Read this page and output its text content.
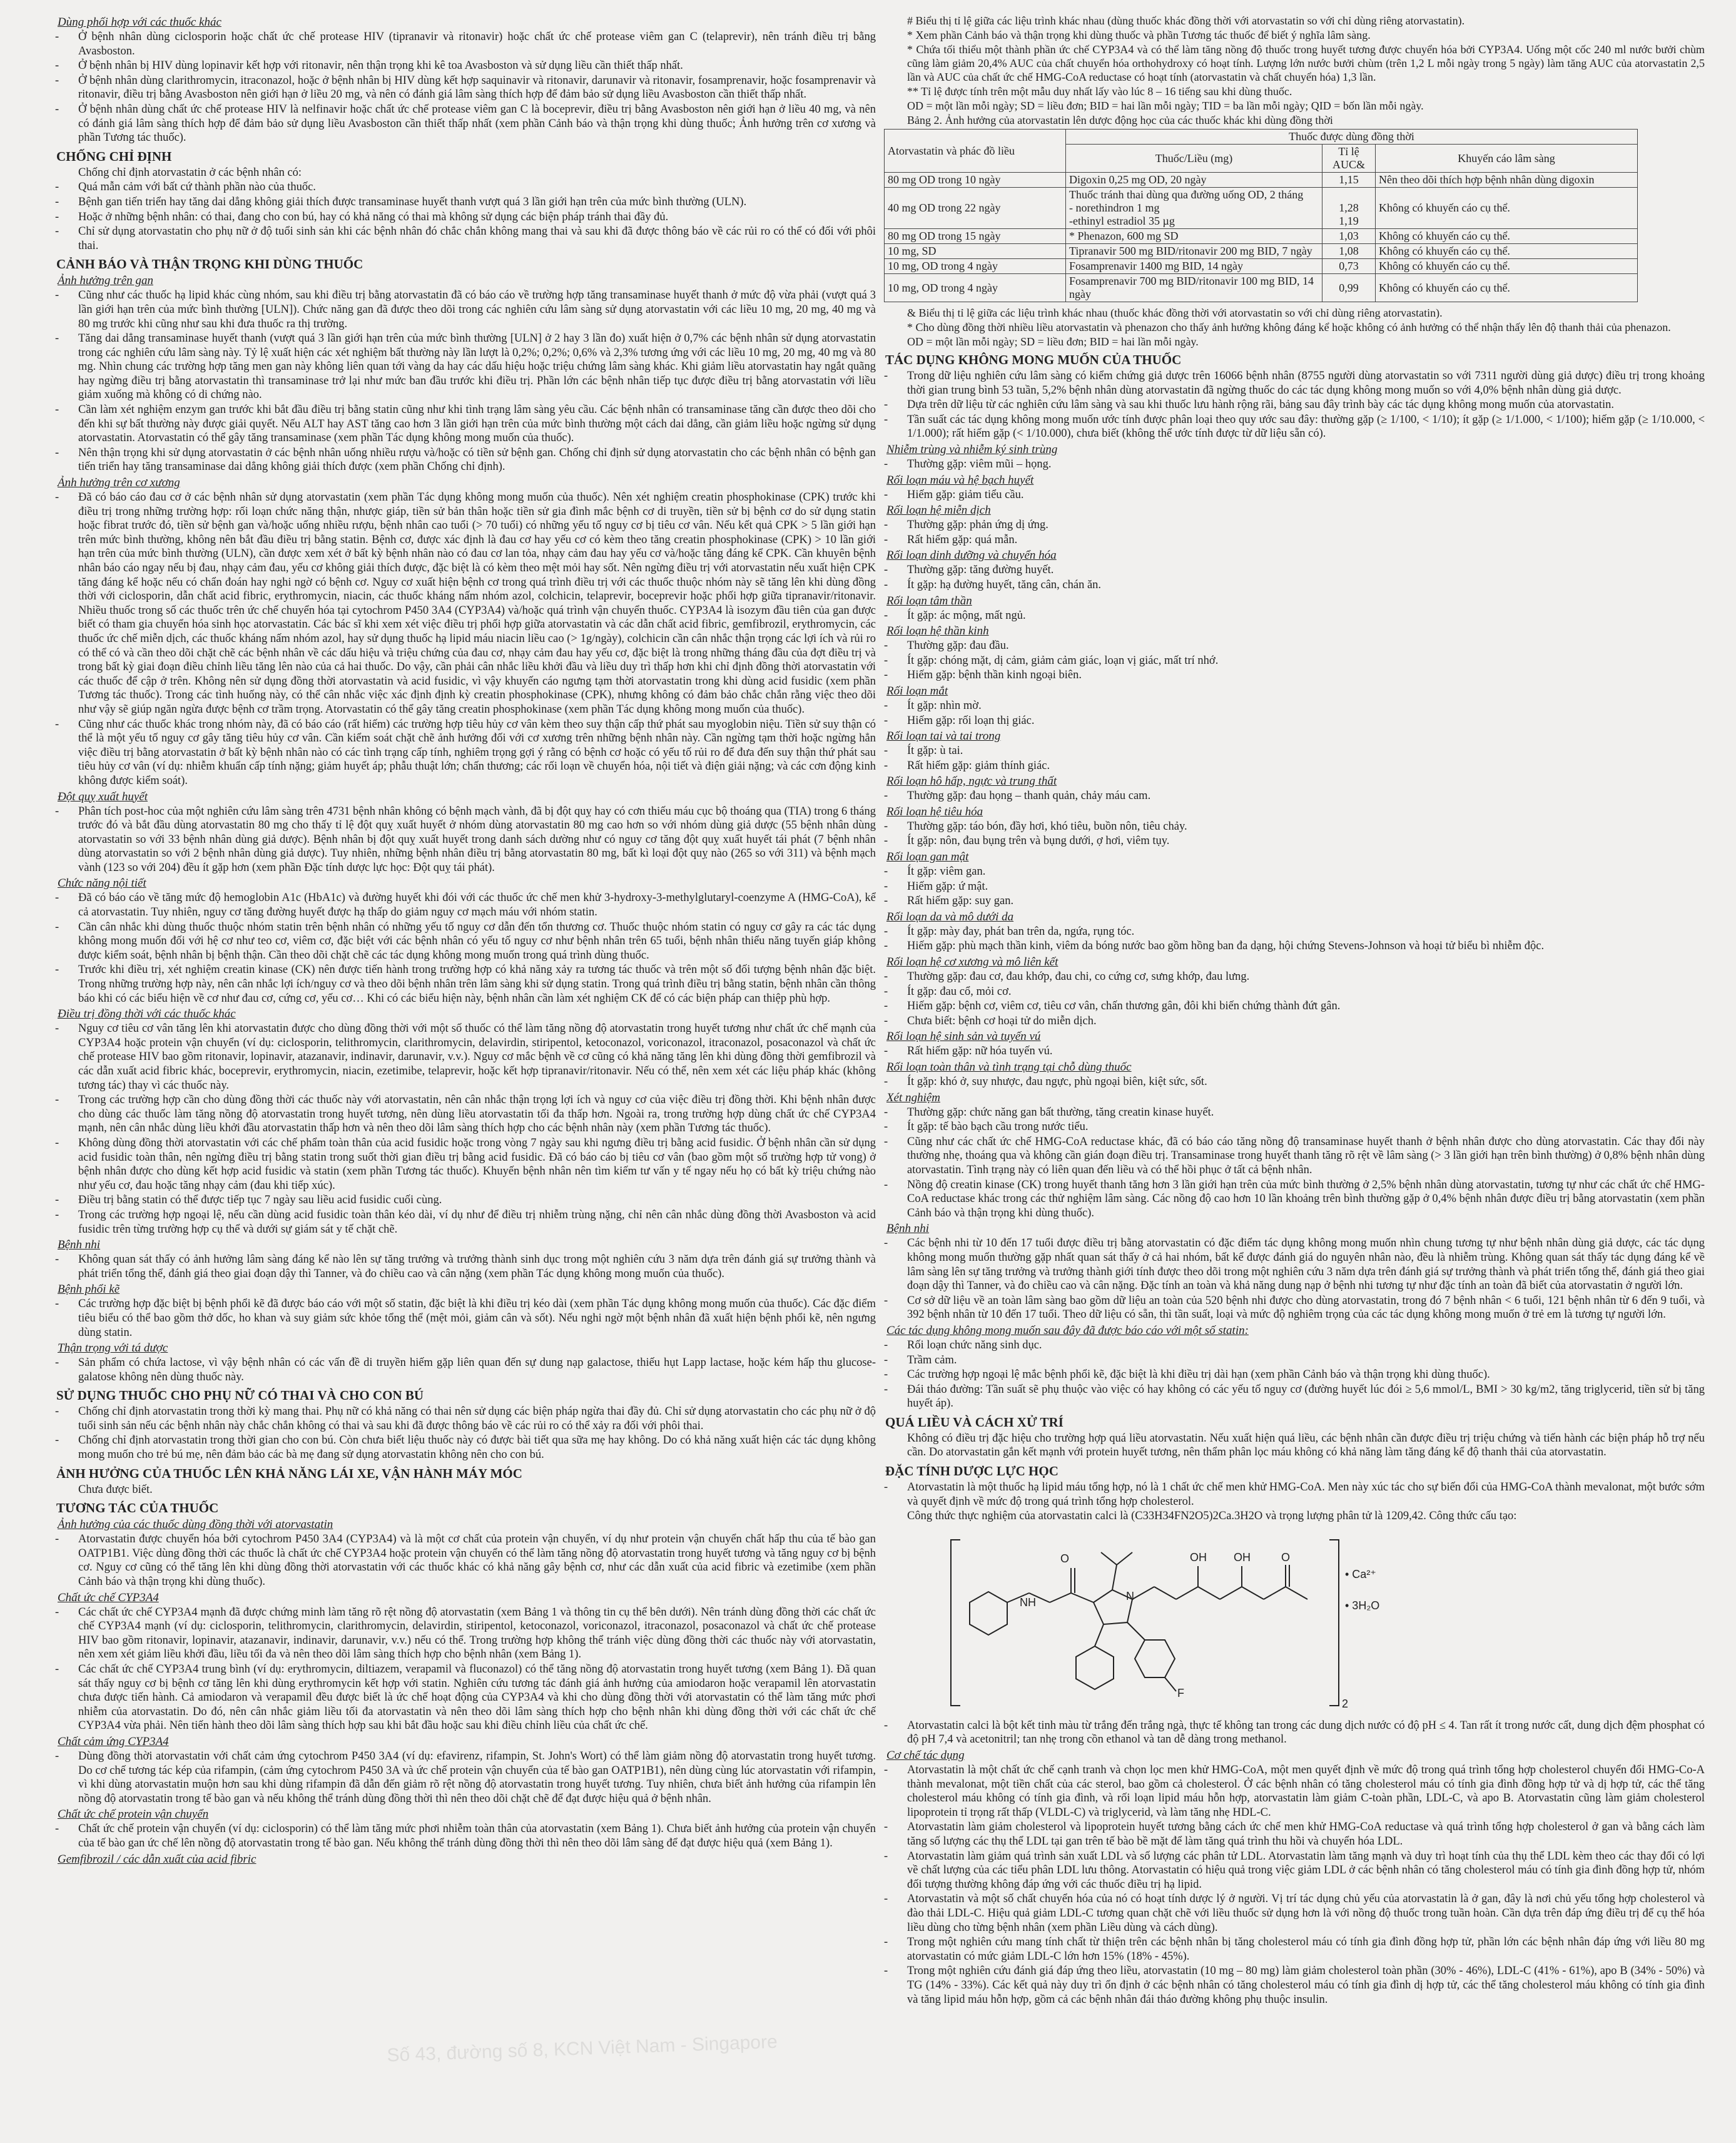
Dùng phối hợp với các thuốc khác

- Ở bệnh nhân dùng ciclosporin hoặc chất ức chế protease HIV (tipranavir và ritonavir) hoặc chất ức chế protease viêm gan C (telaprevir), nên tránh điều trị bằng Avasboston.

- Ở bệnh nhân bị HIV dùng lopinavir kết hợp với ritonavir, nên thận trọng khi kê toa Avasboston và sử dụng liều cần thiết thấp nhất.

- Ở bệnh nhân dùng clarithromycin, itraconazol, hoặc ở bệnh nhân bị HIV dùng kết hợp saquinavir và ritonavir, darunavir và ritonavir, fosamprenavir, hoặc fosamprenavir và ritonavir, điều trị bằng Avasboston nên giới hạn ở liều 20 mg, và nên có đánh giá lâm sàng thích hợp để đảm bảo sử dụng liều Avasboston cần thiết thấp nhất.

- Ở bệnh nhân dùng chất ức chế protease HIV là nelfinavir hoặc chất ức chế protease viêm gan C là boceprevir, điều trị bằng Avasboston nên giới hạn ở liều 40 mg, và nên có đánh giá lâm sàng thích hợp để đảm bảo sử dụng liều Avasboston cần thiết thấp nhất (xem phần Cảnh báo và thận trọng khi dùng thuốc; Ảnh hưởng trên cơ xương và phần Tương tác thuốc).

CHỐNG CHỈ ĐỊNH

Chống chỉ định atorvastatin ở các bệnh nhân có:

- Quá mẫn cảm với bất cứ thành phần nào của thuốc.

- Bệnh gan tiến triển hay tăng dai dẳng không giải thích được transaminase huyết thanh vượt quá 3 lần giới hạn trên của mức bình thường (ULN).

- Hoặc ở những bệnh nhân: có thai, đang cho con bú, hay có khả năng có thai mà không sử dụng các biện pháp tránh thai đầy đủ.

- Chỉ sử dụng atorvastatin cho phụ nữ ở độ tuổi sinh sản khi các bệnh nhân đó chắc chắn không mang thai và sau khi đã được thông báo về các rủi ro có thể có đối với phôi thai.

CẢNH BÁO VÀ THẬN TRỌNG KHI DÙNG THUỐC

Ảnh hưởng trên gan

- Cũng như các thuốc hạ lipid khác cùng nhóm, sau khi điều trị bằng atorvastatin đã có báo cáo về trường hợp tăng transaminase huyết thanh ở mức độ vừa phải (vượt quá 3 lần giới hạn trên của mức bình thường [ULN]). Chức năng gan đã được theo dõi trong các nghiên cứu lâm sàng sử dụng atorvastatin với các liều 10 mg, 20 mg, 40 mg và 80 mg trước khi cũng như sau khi đưa thuốc ra thị trường.

- Tăng dai dẳng transaminase huyết thanh (vượt quá 3 lần giới hạn trên của mức bình thường [ULN] ở 2 hay 3 lần đo) xuất hiện ở 0,7% các bệnh nhân sử dụng atorvastatin trong các nghiên cứu lâm sàng này. Tỷ lệ xuất hiện các xét nghiệm bất thường này lần lượt là 0,2%; 0,2%; 0,6% và 2,3% tương ứng với các liều 10 mg, 20 mg, 40 mg và 80 mg. Nhìn chung các trường hợp tăng men gan này không liên quan tới vàng da hay các dấu hiệu hoặc triệu chứng lâm sàng khác. Khi giảm liều atorvastatin hay ngắt quãng hay ngừng điều trị bằng atorvastatin thì transaminase trở lại như mức ban đầu trước khi điều trị. Phần lớn các bệnh nhân tiếp tục được điều trị bằng atorvastatin với liều giảm xuống mà không có di chứng nào.

- Cần làm xét nghiệm enzym gan trước khi bắt đầu điều trị bằng statin cũng như khi tình trạng lâm sàng yêu cầu. Các bệnh nhân có transaminase tăng cần được theo dõi cho đến khi sự bất thường này được giải quyết. Nếu ALT hay AST tăng cao hơn 3 lần giới hạn trên của mức bình thường một cách dai dẳng, cần giảm liều hoặc ngừng sử dụng atorvastatin. Atorvastatin có thể gây tăng transaminase (xem phần Tác dụng không mong muốn của thuốc).

- Nên thận trọng khi sử dụng atorvastatin ở các bệnh nhân uống nhiều rượu và/hoặc có tiền sử bệnh gan. Chống chỉ định sử dụng atorvastatin cho các bệnh nhân có bệnh gan tiến triển hay tăng transaminase dai dẳng không giải thích được (xem phần Chống chỉ định).

Ảnh hưởng trên cơ xương

- Đã có báo cáo đau cơ ở các bệnh nhân sử dụng atorvastatin (xem phần Tác dụng không mong muốn của thuốc). Nên xét nghiệm creatin phosphokinase (CPK) trước khi điều trị trong những trường hợp: rối loạn chức năng thận, nhược giáp, tiền sử bản thân hoặc tiền sử gia đình mắc bệnh cơ di truyền, tiền sử bị bệnh cơ do sử dụng statin hoặc fibrat trước đó, tiền sử bệnh gan và/hoặc uống nhiều rượu, bệnh nhân cao tuổi (> 70 tuổi) có những yếu tố nguy cơ bị tiêu cơ vân. Nếu kết quả CPK > 5 lần giới hạn trên mức bình thường, không nên bắt đầu điều trị bằng statin. Bệnh cơ, được xác định là đau cơ hay yếu cơ có kèm theo tăng creatin phosphokinase (CPK) > 10 lần giới hạn trên của mức bình thường (ULN), cần được xem xét ở bất kỳ bệnh nhân nào có đau cơ lan tỏa, nhạy cảm đau hay yếu cơ và/hoặc tăng đáng kể CPK. Cần khuyên bệnh nhân báo cáo ngay nếu bị đau, nhạy cảm đau, yếu cơ không giải thích được, đặc biệt là có kèm theo mệt mỏi hay sốt. Nên ngừng điều trị với atorvastatin nếu xuất hiện CPK tăng đáng kể hoặc nếu có chẩn đoán hay nghi ngờ có bệnh cơ. Nguy cơ xuất hiện bệnh cơ trong quá trình điều trị với các thuốc thuộc nhóm này sẽ tăng lên khi dùng đồng thời với ciclosporin, dẫn chất acid fibric, erythromycin, niacin, các thuốc kháng nấm nhóm azol, colchicin, telaprevir, boceprevir hoặc phối hợp giữa tipranavir/ritonavir. Nhiều thuốc trong số các thuốc trên ức chế chuyển hóa tại cytochrom P450 3A4 (CYP3A4) và/hoặc quá trình vận chuyển thuốc. CYP3A4 là isozym đầu tiên của gan được biết có tham gia chuyển hóa sinh học atorvastatin. Các bác sĩ khi xem xét việc điều trị phối hợp giữa atorvastatin và các dẫn chất acid fibric, gemfibrozil, erythromycin, các thuốc ức chế miễn dịch, các thuốc kháng nấm nhóm azol, hay sử dụng thuốc hạ lipid máu niacin liều cao (> 1g/ngày), colchicin cần cân nhắc thận trọng các lợi ích và rủi ro có thể có và cần theo dõi chặt chẽ các bệnh nhân về các dấu hiệu và triệu chứng của đau cơ, nhạy cảm đau hay yếu cơ, đặc biệt là trong những tháng đầu của đợt điều trị và trong bất kỳ giai đoạn điều chỉnh liều tăng lên nào của cả hai thuốc. Do vậy, cần phải cân nhắc liều khởi đầu và liều duy trì thấp hơn khi chỉ định đồng thời atorvastatin với các thuốc để cập ở trên. Không nên sử dụng đồng thời atorvastatin và acid fusidic, vì vậy khuyến cáo ngưng tạm thời atorvastatin trong khi dùng acid fusidic (xem phần Tương tác thuốc). Trong các tình huống này, có thể cân nhắc việc xác định định kỳ creatin phosphokinase (CPK), nhưng không có đảm bảo chắc chắn rằng việc theo dõi như vậy sẽ giúp ngăn ngừa được bệnh cơ trầm trọng. Atorvastatin có thể gây tăng creatin phosphokinase (xem phần Tác dụng không mong muốn của thuốc).

- Cũng như các thuốc khác trong nhóm này, đã có báo cáo (rất hiếm) các trường hợp tiêu hủy cơ vân kèm theo suy thận cấp thứ phát sau myoglobin niệu. Tiền sử suy thận có thể là một yếu tố nguy cơ gây tăng tiêu hủy cơ vân. Cần kiểm soát chặt chẽ ảnh hưởng đối với cơ xương trên những bệnh nhân này. Cần ngừng tạm thời hoặc ngừng hẳn việc điều trị bằng atorvastatin ở bất kỳ bệnh nhân nào có các tình trạng cấp tính, nghiêm trọng gợi ý rằng có bệnh cơ hoặc có yếu tố rủi ro để đưa đến suy thận thứ phát sau tiêu hủy cơ vân (ví dụ: nhiễm khuẩn cấp tính nặng; giảm huyết áp; phẫu thuật lớn; chấn thương; các rối loạn về chuyển hóa, nội tiết và điện giải nặng; và các cơn động kinh không được kiểm soát).

Đột quỵ xuất huyết

- Phân tích post-hoc của một nghiên cứu lâm sàng trên 4731 bệnh nhân không có bệnh mạch vành, đã bị đột quỵ hay có cơn thiếu máu cục bộ thoáng qua (TIA) trong 6 tháng trước đó và bắt đầu dùng atorvastatin 80 mg cho thấy tỉ lệ đột quỵ xuất huyết ở nhóm dùng atorvastatin 80 mg cao hơn so với nhóm dùng giả dược (55 bệnh nhân dùng atorvastatin so với 33 bệnh nhân dùng giả dược). Bệnh nhân bị đột quỵ xuất huyết trong danh sách dường như có nguy cơ tăng đột quỵ xuất huyết tái phát (7 bệnh nhân dùng atorvastatin so với 2 bệnh nhân dùng giả dược). Tuy nhiên, những bệnh nhân điều trị bằng atorvastatin 80 mg, bất kì loại đột quỵ nào (265 so với 311) và bệnh mạch vành (123 so với 204) đều ít gặp hơn (xem phần Đặc tính dược lực học: Đột quỵ tái phát).

Chức năng nội tiết

- Đã có báo cáo về tăng mức độ hemoglobin A1c (HbA1c) và đường huyết khi đói với các thuốc ức chế men khử 3-hydroxy-3-methylglutaryl-coenzyme A (HMG-CoA), kể cả atorvastatin. Tuy nhiên, nguy cơ tăng đường huyết được hạ thấp do giảm nguy cơ mạch máu với nhóm statin.

- Cần cân nhắc khi dùng thuốc thuộc nhóm statin trên bệnh nhân có những yếu tố nguy cơ dẫn đến tổn thương cơ. Thuốc thuộc nhóm statin có nguy cơ gây ra các tác dụng không mong muốn đối với hệ cơ như teo cơ, viêm cơ, đặc biệt với các bệnh nhân có yếu tố nguy cơ như bệnh nhân trên 65 tuổi, bệnh nhân thiểu năng tuyến giáp không được kiểm soát, bệnh nhân bị bệnh thận. Cần theo dõi chặt chẽ các tác dụng không mong muốn trong quá trình dùng thuốc.

- Trước khi điều trị, xét nghiệm creatin kinase (CK) nên được tiến hành trong trường hợp có khả năng xảy ra tương tác thuốc và trên một số đối tượng bệnh nhân đặc biệt. Trong những trường hợp này, nên cân nhắc lợi ích/nguy cơ và theo dõi bệnh nhân trên lâm sàng khi sử dụng statin. Trong quá trình điều trị bằng statin, bệnh nhân cần thông báo khi có các biểu hiện về cơ như đau cơ, cứng cơ, yếu cơ… Khi có các biểu hiện này, bệnh nhân cần làm xét nghiệm CK để có các biện pháp can thiệp phù hợp.

Điều trị đồng thời với các thuốc khác

- Nguy cơ tiêu cơ vân tăng lên khi atorvastatin được cho dùng đồng thời với một số thuốc có thể làm tăng nồng độ atorvastatin trong huyết tương như chất ức chế mạnh của CYP3A4 hoặc protein vận chuyển (ví dụ: ciclosporin, telithromycin, clarithromycin, delavirdin, stiripentol, ketoconazol, voriconazol, itraconazol, posaconazol và chất ức chế protease HIV bao gồm ritonavir, lopinavir, atazanavir, indinavir, darunavir, v.v.). Nguy cơ mắc bệnh về cơ cũng có khả năng tăng lên khi dùng đồng thời gemfibrozil và các dẫn xuất acid fibric khác, boceprevir, erythromycin, niacin, ezetimibe, telaprevir, hoặc kết hợp tipranavir/ritonavir. Nếu có thể, nên xem xét các liệu pháp khác (không tương tác) thay vì các thuốc này.

- Trong các trường hợp cần cho dùng đồng thời các thuốc này với atorvastatin, nên cân nhắc thận trọng lợi ích và nguy cơ của việc điều trị đồng thời. Khi bệnh nhân được cho dùng các thuốc làm tăng nồng độ atorvastatin trong huyết tương, nên dùng liều atorvastatin tối đa thấp hơn. Ngoài ra, trong trường hợp dùng chất ức chế CYP3A4 mạnh, nên cân nhắc dùng liều khởi đầu atorvastatin thấp hơn và nên theo dõi lâm sàng thích hợp cho các bệnh nhân này (xem phần Tương tác thuốc).

- Không dùng đồng thời atorvastatin với các chế phẩm toàn thân của acid fusidic hoặc trong vòng 7 ngày sau khi ngưng điều trị bằng acid fusidic. Ở bệnh nhân cần sử dụng acid fusidic toàn thân, nên ngừng điều trị bằng statin trong suốt thời gian điều trị bằng acid fusidic. Đã có báo cáo bị tiêu cơ vân (bao gồm một số trường hợp tử vong) ở bệnh nhân được cho dùng kết hợp acid fusidic và statin (xem phần Tương tác thuốc). Khuyến bệnh nhân nên tìm kiếm tư vấn y tế ngay nếu họ có bất kỳ triệu chứng nào như yếu cơ, đau hoặc tăng nhạy cảm (đau khi tiếp xúc).

- Điều trị bằng statin có thể được tiếp tục 7 ngày sau liều acid fusidic cuối cùng.

- Trong các trường hợp ngoại lệ, nếu cần dùng acid fusidic toàn thân kéo dài, ví dụ như để điều trị nhiễm trùng nặng, chỉ nên cân nhắc dùng đồng thời Avasboston và acid fusidic trên từng trường hợp cụ thể và dưới sự giám sát y tế chặt chẽ.

Bệnh nhi

- Không quan sát thấy có ảnh hưởng lâm sàng đáng kể nào lên sự tăng trưởng và trưởng thành sinh dục trong một nghiên cứu 3 năm dựa trên đánh giá sự trưởng thành và phát triển tổng thể, đánh giá theo giai đoạn dậy thì Tanner, và đo chiều cao và cân nặng (xem phần Tác dụng không mong muốn của thuốc).

Bệnh phổi kẽ

- Các trường hợp đặc biệt bị bệnh phổi kẽ đã được báo cáo với một số statin, đặc biệt là khi điều trị kéo dài (xem phần Tác dụng không mong muốn của thuốc). Các đặc điểm tiêu biểu có thể bao gồm thở dốc, ho khan và suy giảm sức khỏe tổng thể (mệt mỏi, giảm cân và sốt). Nếu nghi ngờ một bệnh nhân đã xuất hiện bệnh phổi kẽ, nên ngưng dùng statin.

Thận trọng với tá dược

- Sản phẩm có chứa lactose, vì vậy bệnh nhân có các vấn đề di truyền hiếm gặp liên quan đến sự dung nạp galactose, thiếu hụt Lapp lactase, hoặc kém hấp thu glucose-galatose không nên dùng thuốc này.

SỬ DỤNG THUỐC CHO PHỤ NỮ CÓ THAI VÀ CHO CON BÚ

- Chống chỉ định atorvastatin trong thời kỳ mang thai. Phụ nữ có khả năng có thai nên sử dụng các biện pháp ngừa thai đầy đủ. Chỉ sử dụng atorvastatin cho các phụ nữ ở độ tuổi sinh sản nếu các bệnh nhân này chắc chắn không có thai và sau khi đã được thông báo về các rủi ro có thể xảy ra đối với phôi thai.

- Chống chỉ định atorvastatin trong thời gian cho con bú. Còn chưa biết liệu thuốc này có được bài tiết qua sữa mẹ hay không. Do có khả năng xuất hiện các tác dụng không mong muốn cho trẻ bú mẹ, nên đảm bảo các bà mẹ đang sử dụng atorvastatin không nên cho con bú.

ẢNH HƯỞNG CỦA THUỐC LÊN KHẢ NĂNG LÁI XE, VẬN HÀNH MÁY MÓC

Chưa được biết.

TƯƠNG TÁC CỦA THUỐC

Ảnh hưởng của các thuốc dùng đồng thời với atorvastatin

- Atorvastatin được chuyển hóa bởi cytochrom P450 3A4 (CYP3A4) và là một cơ chất của protein vận chuyển, ví dụ như protein vận chuyển chất hấp thu của tế bào gan OATP1B1. Việc dùng đồng thời các thuốc là chất ức chế CYP3A4 hoặc protein vận chuyển có thể làm tăng nồng độ atorvastatin trong huyết tương và tăng nguy cơ bị bệnh cơ. Nguy cơ cũng có thể tăng lên khi dùng đồng thời atorvastatin với các thuốc khác có khả năng gây bệnh cơ, như các dẫn xuất của acid fibric và ezetimibe (xem phần Cảnh báo và thận trọng khi dùng thuốc).

Chất ức chế CYP3A4

- Các chất ức chế CYP3A4 mạnh đã được chứng minh làm tăng rõ rệt nồng độ atorvastatin (xem Bảng 1 và thông tin cụ thể bên dưới). Nên tránh dùng đồng thời các chất ức chế CYP3A4 mạnh (ví dụ: ciclosporin, telithromycin, clarithromycin, delavirdin, stiripentol, ketoconazol, voriconazol, itraconazol, posaconazol và chất ức chế protease HIV bao gồm ritonavir, lopinavir, atazanavir, indinavir, darunavir, v.v.) nếu có thể. Trong trường hợp không thể tránh việc dùng đồng thời các thuốc này với atorvastatin, nên xem xét giảm liều khởi đầu, liều tối đa và nên theo dõi lâm sàng thích hợp cho bệnh nhân (xem Bảng 1).

- Các chất ức chế CYP3A4 trung bình (ví dụ: erythromycin, diltiazem, verapamil và fluconazol) có thể tăng nồng độ atorvastatin trong huyết tương (xem Bảng 1). Đã quan sát thấy nguy cơ bị bệnh cơ tăng lên khi dùng erythromycin kết hợp với statin. Nghiên cứu tương tác đánh giá ảnh hưởng của amiodaron hoặc verapamil lên atorvastatin chưa được tiến hành. Cả amiodaron và verapamil đều được biết là ức chế hoạt động của CYP3A4 và khi cho dùng đồng thời với atorvastatin có thể làm tăng mức phơi nhiễm của atorvastatin. Do đó, nên cân nhắc giảm liều tối đa atorvastatin và nên theo dõi lâm sàng thích hợp cho bệnh nhân khi dùng đồng thời với các chất ức chế CYP3A4 vừa phải. Nên tiến hành theo dõi lâm sàng thích hợp sau khi bắt đầu hoặc sau khi điều chỉnh liều của chất ức chế.

Chất cảm ứng CYP3A4

- Dùng đồng thời atorvastatin với chất cảm ứng cytochrom P450 3A4 (ví dụ: efavirenz, rifampin, St. John's Wort) có thể làm giảm nồng độ atorvastatin trong huyết tương. Do cơ chế tương tác kép của rifampin, (cảm ứng cytochrom P450 3A và ức chế protein vận chuyển của tế bào gan OATP1B1), nên dùng cùng lúc atorvastatin với rifampin, vì khi dùng atorvastatin muộn hơn sau khi dùng rifampin đã dẫn đến giảm rõ rệt nồng độ atorvastatin trong huyết tương. Tuy nhiên, chưa biết ảnh hưởng của rifampin lên nồng độ atorvastatin trong tế bào gan và nếu không thể tránh dùng đồng thời thì nên theo dõi chặt chẽ để đạt được hiệu quả ở bệnh nhân.

Chất ức chế protein vận chuyển

- Chất ức chế protein vận chuyển (ví dụ: ciclosporin) có thể làm tăng mức phơi nhiễm toàn thân của atorvastatin (xem Bảng 1). Chưa biết ảnh hưởng của protein vận chuyển của tế bào gan ức chế lên nồng độ atorvastatin trong tế bào gan. Nếu không thể tránh dùng đồng thời thì nên theo dõi lâm sàng để đạt được hiệu quả (xem Bảng 1).

Gemfibrozil / các dẫn xuất của acid fibric

# Biểu thị tỉ lệ giữa các liệu trình khác nhau (dùng thuốc khác đồng thời với atorvastatin so với chỉ dùng riêng atorvastatin).

* Xem phần Cảnh báo và thận trọng khi dùng thuốc và phần Tương tác thuốc để biết ý nghĩa lâm sàng.

* Chứa tối thiểu một thành phần ức chế CYP3A4 và có thể làm tăng nồng độ thuốc trong huyết tương được chuyển hóa bởi CYP3A4. Uống một cốc 240 ml nước bưởi chùm cũng làm giảm 20,4% AUC của chất chuyển hóa orthohydroxy có hoạt tính. Lượng lớn nước bưởi chùm (trên 1,2 L mỗi ngày trong 5 ngày) làm tăng AUC của atorvastatin 2,5 lần và AUC của chất ức chế HMG-CoA reductase có hoạt tính (atorvastatin và chất chuyển hóa) 1,3 lần.

** Tỉ lệ được tính trên một mẫu duy nhất lấy vào lúc 8 – 16 tiếng sau khi dùng thuốc.

OD = một lần mỗi ngày; SD = liều đơn; BID = hai lần mỗi ngày; TID = ba lần mỗi ngày; QID = bốn lần mỗi ngày.

Bảng 2. Ảnh hưởng của atorvastatin lên dược động học của các thuốc khác khi dùng đồng thời

Atorvastatin và phác đồ liều	Thuốc được dùng đồng thời		
	Thuốc/Liều (mg)	Tỉ lệ AUC&	Khuyến cáo lâm sàng
80 mg OD trong 10 ngày	Digoxin 0,25 mg OD, 20 ngày	1,15	Nên theo dõi thích hợp bệnh nhân dùng digoxin
40 mg OD trong 22 ngày	Thuốc tránh thai dùng qua đường uống OD, 2 tháng
- norethindron 1 mg
-ethinyl estradiol 35 µg	
1,28
1,19	Không có khuyến cáo cụ thể.
80 mg OD trong 15 ngày	* Phenazon, 600 mg SD	1,03	Không có khuyến cáo cụ thể.
10 mg, SD	Tipranavir 500 mg BID/ritonavir 200 mg BID, 7 ngày	1,08	Không có khuyến cáo cụ thể.
10 mg, OD trong 4 ngày	Fosamprenavir 1400 mg BID, 14 ngày	0,73	Không có khuyến cáo cụ thể.
10 mg, OD trong 4 ngày	Fosamprenavir 700 mg BID/ritonavir 100 mg BID, 14 ngày	0,99	Không có khuyến cáo cụ thể.

& Biểu thị tỉ lệ giữa các liệu trình khác nhau (thuốc khác đồng thời với atorvastatin so với chỉ dùng riêng atorvastatin).

* Cho dùng đồng thời nhiều liều atorvastatin và phenazon cho thấy ảnh hưởng không đáng kể hoặc không có ảnh hưởng có thể nhận thấy lên độ thanh thải của phenazon.

OD = một lần mỗi ngày; SD = liều đơn; BID = hai lần mỗi ngày.

TÁC DỤNG KHÔNG MONG MUỐN CỦA THUỐC

- Trong dữ liệu nghiên cứu lâm sàng có kiểm chứng giả dược trên 16066 bệnh nhân (8755 người dùng atorvastatin so với 7311 người dùng giả dược) điều trị trong khoảng thời gian trung bình 53 tuần, 5,2% bệnh nhân dùng atorvastatin đã ngừng thuốc do các tác dụng không mong muốn so với 4,0% bệnh nhân dùng giả dược.

- Dựa trên dữ liệu từ các nghiên cứu lâm sàng và sau khi thuốc lưu hành rộng rãi, bảng sau đây trình bày các tác dụng không mong muốn của atorvastatin.

- Tần suất các tác dụng không mong muốn ước tính được phân loại theo quy ước sau đây: thường gặp (≥ 1/100, < 1/10); ít gặp (≥ 1/1.000, < 1/100); hiếm gặp (≥ 1/10.000, < 1/1.000); rất hiếm gặp (< 1/10.000), chưa biết (không thể ước tính được từ dữ liệu sẵn có).

Nhiễm trùng và nhiễm ký sinh trùng

- Thường gặp: viêm mũi – họng.

Rối loạn máu và hệ bạch huyết

- Hiếm gặp: giảm tiểu cầu.

Rối loạn hệ miễn dịch

- Thường gặp: phản ứng dị ứng.

- Rất hiếm gặp: quá mẫn.

Rối loạn dinh dưỡng và chuyển hóa

- Thường gặp: tăng đường huyết.

- Ít gặp: hạ đường huyết, tăng cân, chán ăn.

Rối loạn tâm thần

- Ít gặp: ác mộng, mất ngủ.

Rối loạn hệ thần kinh

- Thường gặp: đau đầu.

- Ít gặp: chóng mặt, dị cảm, giảm cảm giác, loạn vị giác, mất trí nhớ.

- Hiếm gặp: bệnh thần kinh ngoại biên.

Rối loạn mắt

- Ít gặp: nhìn mờ.

- Hiếm gặp: rối loạn thị giác.

Rối loạn tai và tai trong

- Ít gặp: ù tai.

- Rất hiếm gặp: giảm thính giác.

Rối loạn hô hấp, ngực và trung thất

- Thường gặp: đau họng – thanh quản, chảy máu cam.

Rối loạn hệ tiêu hóa

- Thường gặp: táo bón, đầy hơi, khó tiêu, buồn nôn, tiêu chảy.

- Ít gặp: nôn, đau bụng trên và bụng dưới, ợ hơi, viêm tụy.

Rối loạn gan mật

- Ít gặp: viêm gan.

- Hiếm gặp: ứ mật.

- Rất hiếm gặp: suy gan.

Rối loạn da và mô dưới da

- Ít gặp: mày đay, phát ban trên da, ngứa, rụng tóc.

- Hiếm gặp: phù mạch thần kinh, viêm da bóng nước bao gồm hồng ban đa dạng, hội chứng Stevens-Johnson và hoại tử biểu bì nhiễm độc.

Rối loạn hệ cơ xương và mô liên kết

- Thường gặp: đau cơ, đau khớp, đau chi, co cứng cơ, sưng khớp, đau lưng.

- Ít gặp: đau cổ, mỏi cơ.

- Hiếm gặp: bệnh cơ, viêm cơ, tiêu cơ vân, chấn thương gân, đôi khi biến chứng thành đứt gân.

- Chưa biết: bệnh cơ hoại tử do miễn dịch.

Rối loạn hệ sinh sản và tuyến vú

- Rất hiếm gặp: nữ hóa tuyến vú.

Rối loạn toàn thân và tình trạng tại chỗ dùng thuốc

- Ít gặp: khó ở, suy nhược, đau ngực, phù ngoại biên, kiệt sức, sốt.

Xét nghiệm

- Thường gặp: chức năng gan bất thường, tăng creatin kinase huyết.

- Ít gặp: tế bào bạch cầu trong nước tiểu.

- Cũng như các chất ức chế HMG-CoA reductase khác, đã có báo cáo tăng nồng độ transaminase huyết thanh ở bệnh nhân được cho dùng atorvastatin. Các thay đổi này thường nhẹ, thoáng qua và không cần gián đoạn điều trị. Transaminase trong huyết thanh tăng rõ rệt về lâm sàng (> 3 lần giới hạn trên bình thường) ở 0,8% bệnh nhân dùng atorvastatin. Tình trạng này có liên quan đến liều và có thể hồi phục ở tất cả bệnh nhân.

- Nồng độ creatin kinase (CK) trong huyết thanh tăng hơn 3 lần giới hạn trên của mức bình thường ở 2,5% bệnh nhân dùng atorvastatin, tương tự như các chất ức chế HMG-CoA reductase khác trong các thử nghiệm lâm sàng. Các nồng độ cao hơn 10 lần khoảng trên bình thường gặp ở 0,4% bệnh nhân được điều trị bằng atorvastatin (xem phần Cảnh báo và thận trọng khi dùng thuốc).

Bệnh nhi

- Các bệnh nhi từ 10 đến 17 tuổi được điều trị bằng atorvastatin có đặc điểm tác dụng không mong muốn nhìn chung tương tự như bệnh nhân dùng giả dược, các tác dụng không mong muốn thường gặp nhất quan sát thấy ở cả hai nhóm, bất kể được đánh giá do nguyên nhân nào, đều là nhiễm trùng. Không quan sát thấy tác dụng đáng kể về lâm sàng lên sự tăng trưởng và trưởng thành giới tính được theo dõi trong một nghiên cứu 3 năm dựa trên đánh giá sự trưởng thành và phát triển tổng thể, đánh giá theo giai đoạn dậy thì Tanner, và đo chiều cao và cân nặng. Đặc tính an toàn và khả năng dung nạp ở bệnh nhi tương tự như đặc tính an toàn đã biết của atorvastatin ở người lớn.

- Cơ sở dữ liệu về an toàn lâm sàng bao gồm dữ liệu an toàn của 520 bệnh nhi được cho dùng atorvastatin, trong đó 7 bệnh nhân < 6 tuổi, 121 bệnh nhân từ 6 đến 9 tuổi, và 392 bệnh nhân từ 10 đến 17 tuổi. Theo dữ liệu có sẵn, thì tần suất, loại và mức độ nghiêm trọng của các tác dụng không mong muốn ở trẻ em là tương tự người lớn.

Các tác dụng không mong muốn sau đây đã được báo cáo với một số statin:

- Rối loạn chức năng sinh dục.

- Trầm cảm.

- Các trường hợp ngoại lệ mắc bệnh phổi kẽ, đặc biệt là khi điều trị dài hạn (xem phần Cảnh báo và thận trọng khi dùng thuốc).

- Đái tháo đường: Tần suất sẽ phụ thuộc vào việc có hay không có các yếu tố nguy cơ (đường huyết lúc đói ≥ 5,6 mmol/L, BMI > 30 kg/m2, tăng triglycerid, tiền sử bị tăng huyết áp).

QUÁ LIỀU VÀ CÁCH XỬ TRÍ

Không có điều trị đặc hiệu cho trường hợp quá liều atorvastatin. Nếu xuất hiện quá liều, các bệnh nhân cần được điều trị triệu chứng và tiến hành các biện pháp hỗ trợ nếu cần. Do atorvastatin gắn kết mạnh với protein huyết tương, nên thẩm phân lọc máu không có khả năng làm tăng đáng kể độ thanh thải của atorvastatin.

ĐẶC TÍNH DƯỢC LỰC HỌC

- Atorvastatin là một thuốc hạ lipid máu tổng hợp, nó là 1 chất ức chế men khử HMG-CoA. Men này xúc tác cho sự biến đổi của HMG-CoA thành mevalonat, một bước sớm và quyết định về mức độ trong quá trình tổng hợp cholesterol.

Công thức thực nghiệm của atorvastatin calci là (C33H34FN2O5)2Ca.3H2O và trọng lượng phân tử là 1209,42. Công thức cấu tạo:

O
NH	N
F
OH OH	O
• Ca²⁺
• 3H₂O
2

- Atorvastatin calci là bột kết tinh màu từ trắng đến trắng ngà, thực tế không tan trong các dung dịch nước có độ pH ≤ 4. Tan rất ít trong nước cất, dung dịch đệm phosphat có độ pH 7,4 và acetonitril; tan nhẹ trong cồn ethanol và tan dễ dàng trong methanol.

Cơ chế tác dụng

- Atorvastatin là một chất ức chế cạnh tranh và chọn lọc men khử HMG-CoA, một men quyết định về mức độ trong quá trình tổng hợp cholesterol chuyển đổi HMG-Co-A thành mevalonat, một tiền chất của các sterol, bao gồm cả cholesterol. Ở các bệnh nhân có tăng cholesterol máu có tính gia đình đồng hợp tử và dị hợp tử, các thể tăng cholesterol máu không có tính gia đình, và rối loạn lipid máu hỗn hợp, atorvastatin làm giảm C-toàn phần, LDL-C, và apo B. Atorvastatin cũng làm giảm cholesterol lipoprotein tỉ trọng rất thấp (VLDL-C) và triglycerid, và làm tăng nhẹ HDL-C.

- Atorvastatin làm giảm cholesterol và lipoprotein huyết tương bằng cách ức chế men khử HMG-CoA reductase và quá trình tổng hợp cholesterol ở gan và bằng cách làm tăng số lượng các thụ thể LDL tại gan trên tế bào bề mặt để làm tăng quá trình thu hồi và chuyển hóa LDL.

- Atorvastatin làm giảm quá trình sản xuất LDL và số lượng các phân tử LDL. Atorvastatin làm tăng mạnh và duy trì hoạt tính của thụ thể LDL kèm theo các thay đổi có lợi về chất lượng của các tiểu phân LDL lưu thông. Atorvastatin có hiệu quả trong việc giảm LDL ở các bệnh nhân có tăng cholesterol máu có tính gia đình đồng hợp tử, nhóm đối tượng thường không đáp ứng với các thuốc điều trị hạ lipid.

- Atorvastatin và một số chất chuyển hóa của nó có hoạt tính dược lý ở người. Vị trí tác dụng chủ yếu của atorvastatin là ở gan, đây là nơi chủ yếu tổng hợp cholesterol và đào thải LDL-C. Hiệu quả giảm LDL-C tương quan chặt chẽ với liều thuốc sử dụng hơn là với nồng độ thuốc trong tuần hoàn. Cần dựa trên đáp ứng điều trị để cụ thể hóa liều dùng cho từng bệnh nhân (xem phần Liều dùng và cách dùng).

- Trong một nghiên cứu mang tính chất từ thiện trên các bệnh nhân bị tăng cholesterol máu có tính gia đình đồng hợp tử, phần lớn các bệnh nhân đáp ứng với liều 80 mg atorvastatin có mức giảm LDL-C lớn hơn 15% (18% - 45%).

- Trong một nghiên cứu đánh giá đáp ứng theo liều, atorvastatin (10 mg – 80 mg) làm giảm cholesterol toàn phần (30% - 46%), LDL-C (41% - 61%), apo B (34% - 50%) và TG (14% - 33%). Các kết quả này duy trì ổn định ở các bệnh nhân có tăng cholesterol máu có tính gia đình dị hợp tử, các thể tăng cholesterol máu không có tính gia đình và tăng lipid máu hỗn hợp, gồm cả các bệnh nhân đái tháo đường không phụ thuộc insulin.

Số 43, đường số 8, KCN Việt Nam - Singapore
